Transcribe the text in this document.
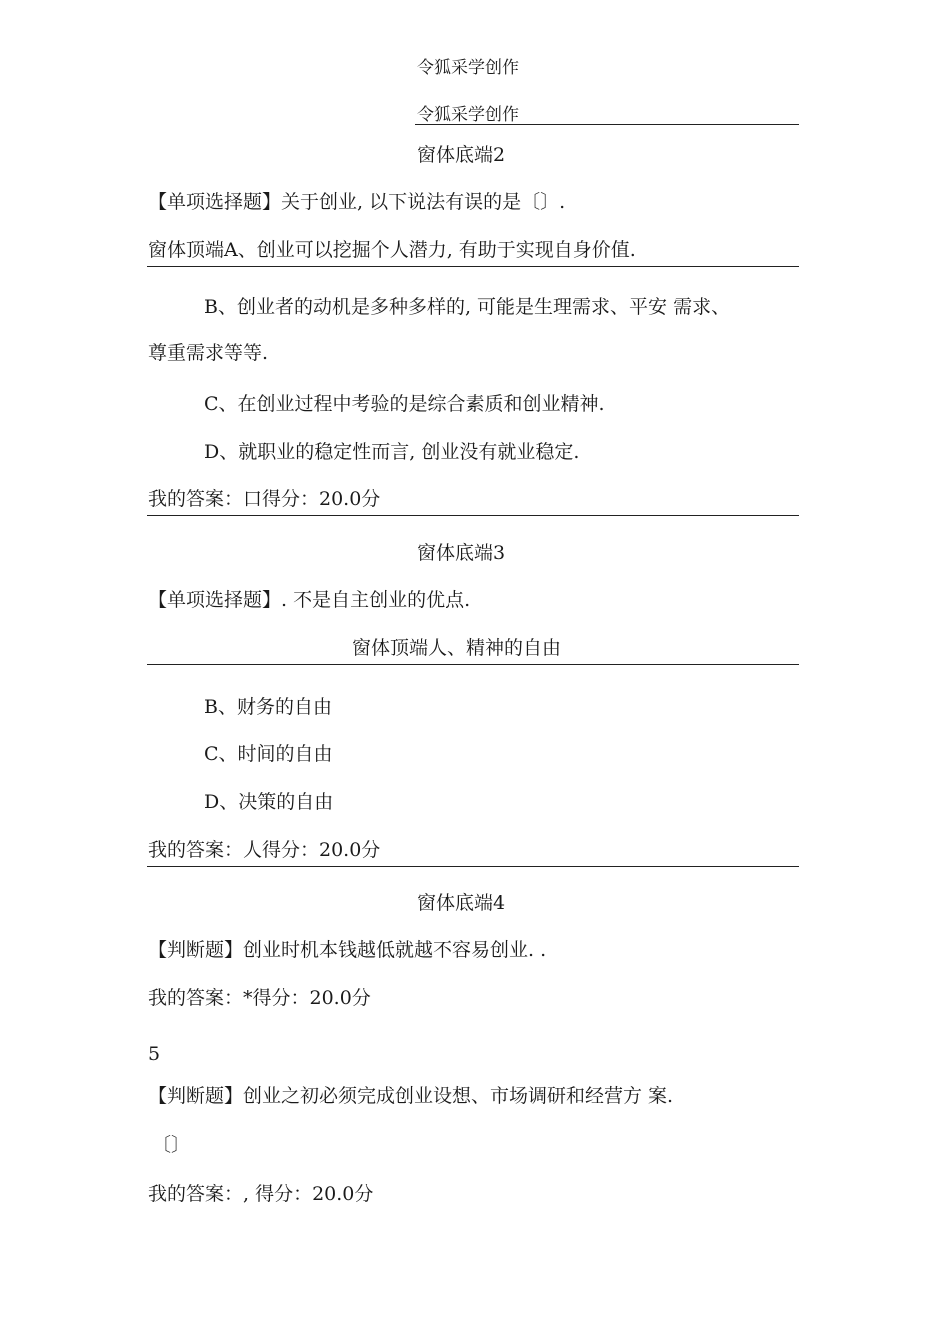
令狐采学创作
令狐采学创作
窗体底端2
【单项选择题】关于创业, 以下说法有误的是〔〕.
窗体顶端A、创业可以挖掘个人潜力, 有助于实现自身价值.
B、创业者的动机是多种多样的, 可能是生理需求、平安 需求、
尊重需求等等.
C、在创业过程中考验的是综合素质和创业精神.
D、就职业的稳定性而言, 创业没有就业稳定.
我的答案：口得分：20.0分
窗体底端3
【单项选择题】. 不是自主创业的优点.
窗体顶端人、精神的自由
B、财务的自由
C、时间的自由
D、决策的自由
我的答案：人得分：20.0分
窗体底端4
【判断题】创业时机本钱越低就越不容易创业. .
我的答案：*得分：20.0分
5
【判断题】创业之初必须完成创业设想、市场调研和经营方 案.
〔〕
我的答案：, 得分：20.0分
